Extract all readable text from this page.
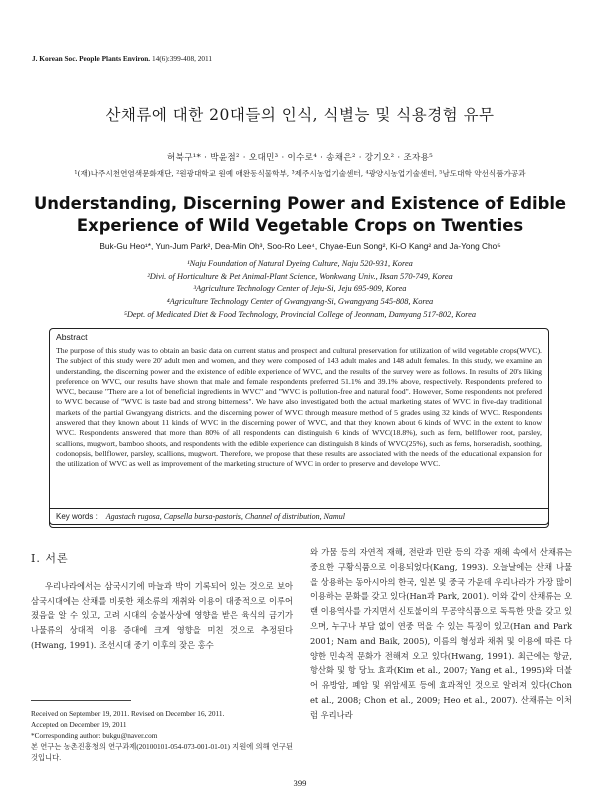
J. Korean Soc. People Plants Environ. 14(6):399-408, 2011
산채류에 대한 20대들의 인식, 식별능 및 식용경험 유무
허북구¹* · 박윤점² · 오대민³ · 이수로⁴ · 송채은² · 강기오² · 조자용⁵
¹(재)나주시천연염색문화재단, ²원광대학교 원예 애완동식물학부, ³제주시농업기술센터, ⁴광양시농업기술센터, ⁵남도대학 약선식품가공과
Understanding, Discerning Power and Existence of Edible
Experience of Wild Vegetable Crops on Twenties
Buk-Gu Heo¹*, Yun-Jum Park², Dea-Min Oh³, Soo-Ro Lee⁴, Chyae-Eun Song², Ki-O Kang² and Ja-Yong Cho⁵
¹Naju Foundation of Natural Dyeing Culture, Naju 520-931, Korea
²Divi. of Horticulture & Pet Animal-Plant Science, Wonkwang Univ., Iksan 570-749, Korea
³Agriculture Technology Center of Jeju-Si, Jeju 695-909, Korea
⁴Agriculture Technology Center of Gwangyang-Si, Gwangyang 545-808, Korea
⁵Dept. of Medicated Diet & Food Technology, Provincial College of Jeonnam, Damyang 517-802, Korea
Abstract
The purpose of this study was to obtain an basic data on current status and prospect and cultural preservation for utilization of wild vegetable crops(WVC). The subject of this study were 20' adult men and women, and they were composed of 143 adult males and 148 adult females. In this study, we examine an understanding, the discerning power and the existence of edible experience of WVC, and the results of the survey were as follows. In results of 20's liking preference on WVC, our results have shown that male and female respondents preferred 51.1% and 39.1% above, respectively. Respondents prefered to WVC, because "There are a lot of beneficial ingredients in WVC" and "WVC is pollution-free and natural food". However, Some respondents not prefered to WVC because of "WVC is taste bad and strong bitterness". We have also investigated both the actual marketing states of WVC in five-day traditional markets of the partial Gwangyang districts. and the discerning power of WVC through measure method of 5 grades using 32 kinds of WVC. Respondents answered that they known about 11 kinds of WVC in the discerning power of WVC, and that they known about 6 kinds of WVC in the extent to know WVC. Respondents answered that more than 80% of all respondents can distinguish 6 kinds of WVC(18.8%), such as fern, bellflower root, parsley, scallions, mugwort, bamboo shoots, and respondents with the edible experience can distinguish 8 kinds of WVC(25%), such as ferns, horseradish, soothing, codonopsis, bellflower, parsley, scallions, mugwort. Therefore, we propose that these results are associated with the needs of the educational expansion for the utilization of WVC as well as improvement of the marketing structure of WVC in order to preserve and develope WVC.
Key words : Agastach rugosa, Capsella bursa-pastoris, Channel of distribution, Namul
Ⅰ. 서론
우리나라에서는 삼국시기에 마늘과 박이 기록되어 있는 것으로 보아 삼국시대에는 산채를 비롯한 채소류의 재취와 이용이 대중적으로 이루어 졌음을 알 수 있고, 고려 시대의 숭불사상에 영향을 받은 육식의 금기가 나물류의 상대적 이용 증대에 크게 영향을 미친 것으로 추정된다(Hwang, 1991). 조선시대 중기 이후의 잦은 홍수
와 가뭄 등의 자연적 재해, 전란과 민란 등의 각종 재해 속에서 산채류는 중요한 구황식품으로 이용되었다(Kang, 1993). 오늘날에는 산채 나물을 상용하는 동아시아의 한국, 일본 및 중국 가운데 우리나라가 가장 많이 이용하는 문화를 갖고 있다(Han과 Park, 2001). 이와 같이 산채류는 오랜 이용역사를 가지면서 신토불이의 무공약식품으로 독특한 맛을 갖고 있으며, 누구나 부담 없이 연중 먹을 수 있는 특징이 있고(Han and Park 2001; Nam and Baik, 2005), 이름의 형성과 채취 및 이용에 따른 다양한 민속적 문화가 전해져 오고 있다(Hwang, 1991). 최근에는 항균, 항산화 및 항 당뇨 효과(Kim et al., 2007; Yang et al., 1995)와 더불어 유방암, 폐암 및 위암세포 등에 효과적인 것으로 알려져 있다(Chon et al., 2008; Chon et al., 2009; Heo et al., 2007). 산채류는 이처럼 우리나라
Received on September 19, 2011. Revised on December 16, 2011.
Accepted on December 19, 2011
*Corresponding author: bukgu@naver.com
본 연구는 농촌진흥청의 연구과제(20100101-054-073-001-01-01) 지원에 의해 연구된 것입니다.
399
